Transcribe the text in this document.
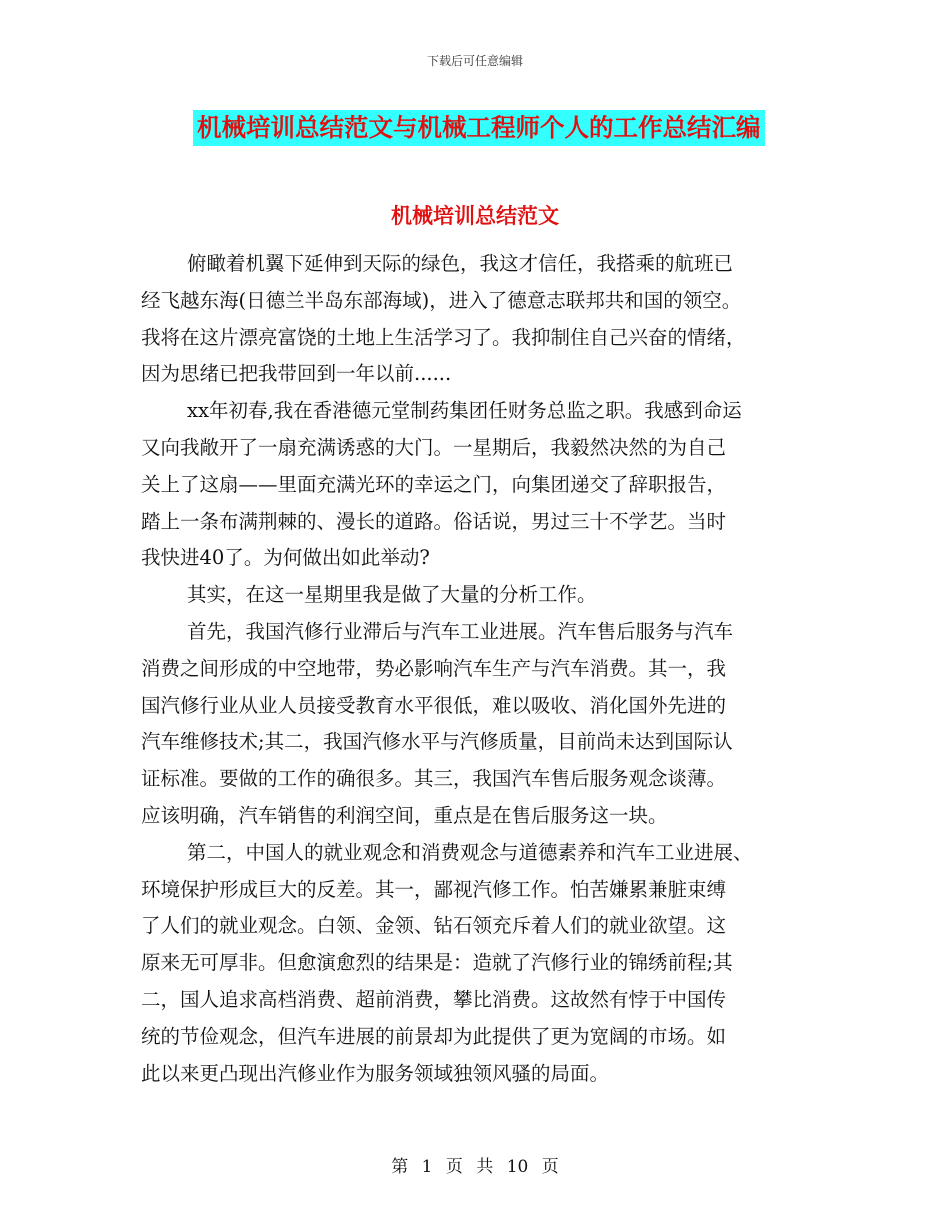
下载后可任意编辑
机械培训总结范文与机械工程师个人的工作总结汇编
机械培训总结范文

俯瞰着机翼下延伸到天际的绿色，我这才信任，我搭乘的航班已
经飞越东海(日德兰半岛东部海域)，进入了德意志联邦共和国的领空。
我将在这片漂亮富饶的土地上生活学习了。我抑制住自己兴奋的情绪，
因为思绪已把我带回到一年以前......

xx年初春,我在香港德元堂制药集团任财务总监之职。我感到命运
又向我敞开了一扇充满诱惑的大门。一星期后，我毅然决然的为自己
关上了这扇——里面充满光环的幸运之门，向集团递交了辞职报告，
踏上一条布满荆棘的、漫长的道路。俗话说，男过三十不学艺。当时
我快进40了。为何做出如此举动?

其实，在这一星期里我是做了大量的分析工作。

首先，我国汽修行业滞后与汽车工业进展。汽车售后服务与汽车
消费之间形成的中空地带，势必影响汽车生产与汽车消费。其一，我
国汽修行业从业人员接受教育水平很低，难以吸收、消化国外先进的
汽车维修技术;其二，我国汽修水平与汽修质量，目前尚未达到国际认
证标准。要做的工作的确很多。其三，我国汽车售后服务观念谈薄。
应该明确，汽车销售的利润空间，重点是在售后服务这一块。

第二，中国人的就业观念和消费观念与道德素养和汽车工业进展、
环境保护形成巨大的反差。其一，鄙视汽修工作。怕苦嫌累兼脏束缚
了人们的就业观念。白领、金领、钻石领充斥着人们的就业欲望。这
原来无可厚非。但愈演愈烈的结果是：造就了汽修行业的锦绣前程;其
二，国人追求高档消费、超前消费，攀比消费。这故然有悖于中国传
统的节俭观念，但汽车进展的前景却为此提供了更为宽阔的市场。如
此以来更凸现出汽修业作为服务领域独领风骚的局面。

第 1 页 共 10 页
